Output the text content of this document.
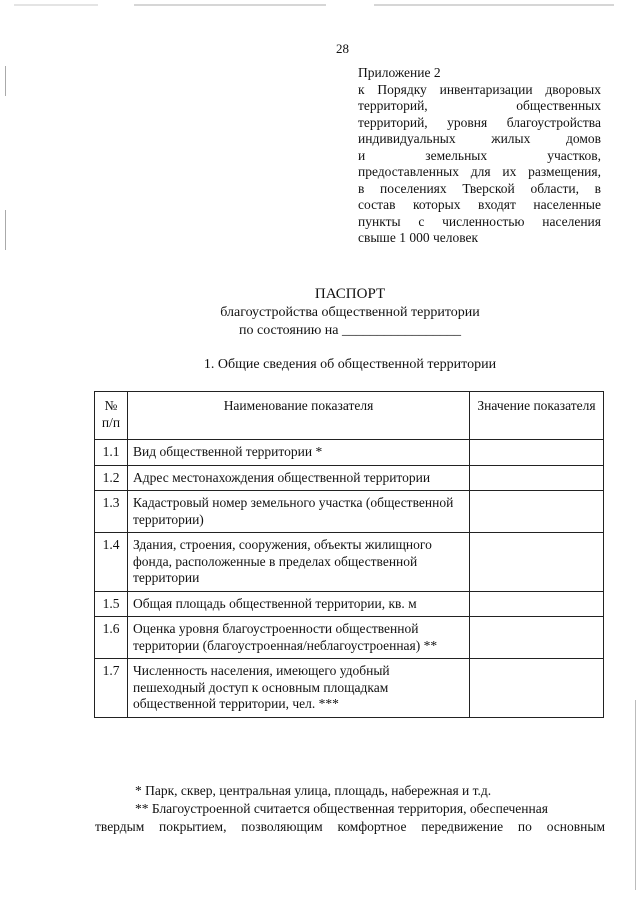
28
Приложение 2
к Порядку инвентаризации дворовых
территорий, общественных
территорий, уровня благоустройства
индивидуальных жилых домов
и земельных участков,
предоставленных для их размещения,
в поселениях Тверской области, в
состав которых входят населенные
пункты с численностью населения
свыше 1 000 человек
ПАСПОРТ
благоустройства общественной территории
по состоянию на _________________
1. Общие сведения об общественной территории
№ п/п	Наименование показателя	Значение показателя
1.1	Вид общественной территории *	
1.2	Адрес местонахождения общественной территории	
1.3	Кадастровый номер земельного участка (общественной территории)	
1.4	Здания, строения, сооружения, объекты жилищного фонда, расположенные в пределах общественной территории	
1.5	Общая площадь общественной территории, кв. м	
1.6	Оценка уровня благоустроенности общественной территории (благоустроенная/неблагоустроенная) **	
1.7	Численность населения, имеющего удобный пешеходный доступ к основным площадкам общественной территории, чел. ***	
* Парк, сквер, центральная улица, площадь, набережная и т.д.
** Благоустроенной считается общественная территория, обеспеченная
твердым покрытием, позволяющим комфортное передвижение по основным
